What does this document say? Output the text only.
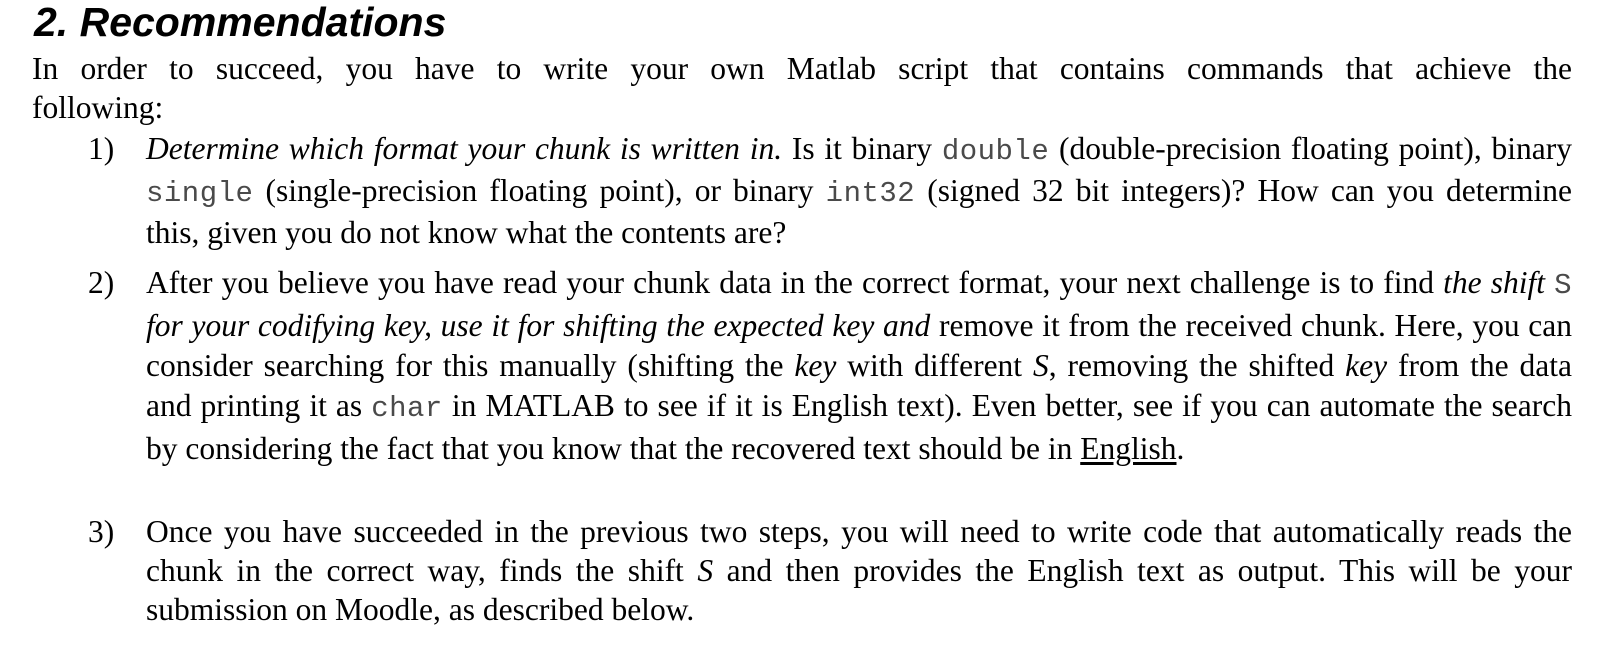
2. Recommendations
In order to succeed, you have to write your own Matlab script that contains commands that achieve the
following:
1) Determine which format your chunk is written in. Is it binary double (double-precision floating point), binary single (single-precision floating point), or binary int32 (signed 32 bit integers)? How can you determine this, given you do not know what the contents are?

2) After you believe you have read your chunk data in the correct format, your next challenge is to find the shift S for your codifying key, use it for shifting the expected key and remove it from the received chunk. Here, you can consider searching for this manually (shifting the key with different S, removing the shifted key from the data and printing it as char in MATLAB to see if it is English text). Even better, see if you can automate the search by considering the fact that you know that the recovered text should be in English.

3) Once you have succeeded in the previous two steps, you will need to write code that automatically reads the chunk in the correct way, finds the shift S and then provides the English text as output. This will be your submission on Moodle, as described below.
